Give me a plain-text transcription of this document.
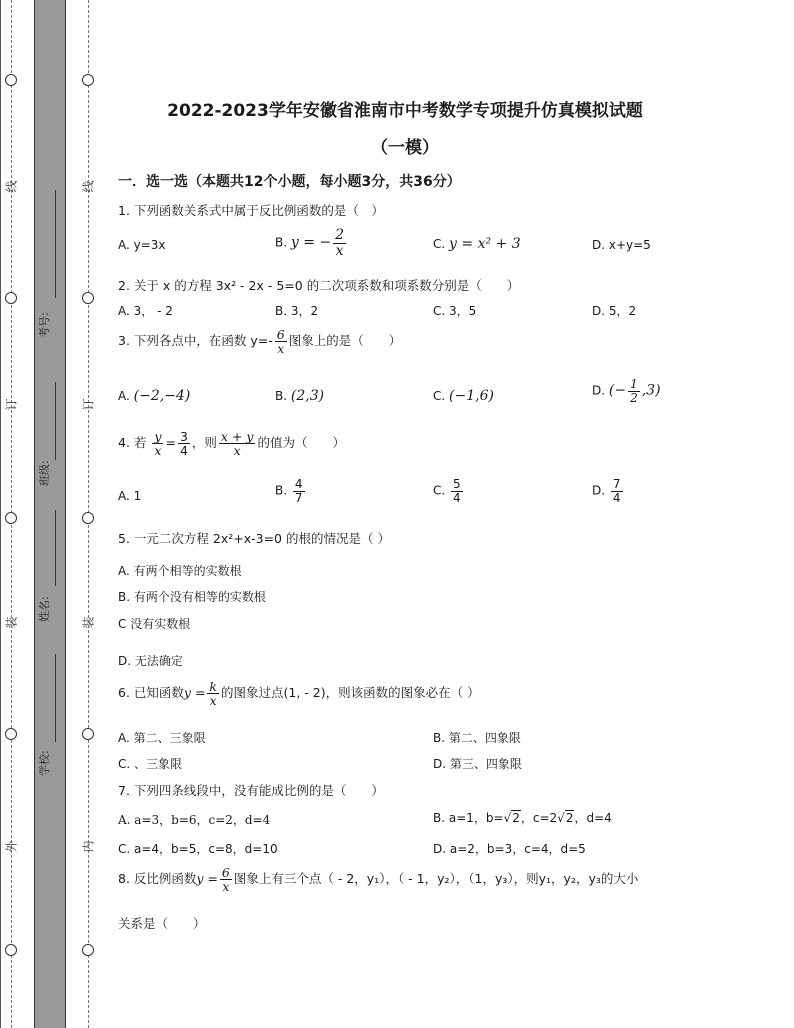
线
订
装
外
线
订
装
内
考号:
班级:
姓名:
学校:
2022-2023学年安徽省淮南市中考数学专项提升仿真模拟试题
（一模）
一．选一选（本题共12个小题，每小题3分，共36分）
1. 下列函数关系式中属于反比例函数的是（　）
A. y=3x	B. y = − $\frac{2}{x}$	C. y = x² + 3	D. x+y=5
2. 关于 x 的方程 3x² - 2x - 5=0 的二次项系数和项系数分别是（　　）
A. 3， - 2	B. 3，2	C. 3，5	D. 5，2
3. 下列各点中，在函数 $y=- \frac{6}{x}$ 图象上的是（　　）
A. (−2,−4)	B. (2,3)	C. (−1,6)	D. (− $\frac{1}{2} ,3$)
4. 若 $\frac{y}{x} = \frac{3}{4}$ ，则 $\frac{x + y}{x}$ 的值为（　　）
A. 1	B. $\frac{4}{7}$	C. $\frac{5}{4}$	D. $\frac{7}{4}$
5. 一元二次方程 2x²+x-3=0 的根的情况是（ ）
A. 有两个相等的实数根
B. 有两个没有相等的实数根
C 没有实数根
D. 无法确定
6. 已知函数$y = \frac{k}{x}$ 的图象过点(1, - 2)，则该函数的图象必在（ ）
A. 第二、三象限	B. 第二、四象限
C. 、三象限	D. 第三、四象限
7. 下列四条线段中，没有能成比例的是（　　）
A. a=3，b=6，c=2，d=4	B. a=1，b=√2，c=2√2，d=4
C. a=4，b=5，c=8，d=10	D. a=2，b=3，c=4，d=5
8. 反比例函数$y = \frac{6}{x}$ 图象上有三个点（ - 2，y₁），（ - 1，y₂），（1，y₃），则y₁，y₂，y₃的大小
关系是（　　）
